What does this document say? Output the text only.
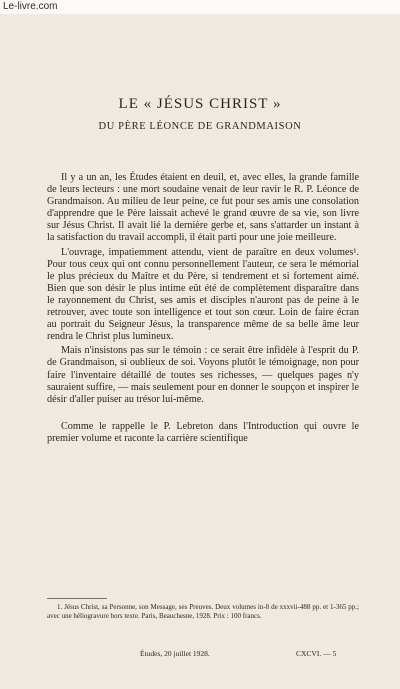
Le-livre.com
LE « JÉSUS CHRIST »
DU PÈRE LÉONCE DE GRANDMAISON

Il y a un an, les Études étaient en deuil, et, avec elles, la grande famille de leurs lecteurs : une mort soudaine venait de leur ravir le R. P. Léonce de Grandmaison. Au milieu de leur peine, ce fut pour ses amis une consolation d'apprendre que le Père laissait achevé le grand œuvre de sa vie, son livre sur Jésus Christ. Il avait lié la dernière gerbe et, sans s'attarder un instant à la satisfaction du travail accompli, il était parti pour une joie meilleure.

L'ouvrage, impatiemment attendu, vient de paraître en deux volumes¹. Pour tous ceux qui ont connu personnellement l'auteur, ce sera le mémorial le plus précieux du Maître et du Père, si tendrement et si fortement aimé. Bien que son désir le plus intime eût été de complètement disparaître dans le rayonnement du Christ, ses amis et disciples n'auront pas de peine à le retrouver, avec toute son intelligence et tout son cœur. Loin de faire écran au portrait du Seigneur Jésus, la transparence même de sa belle âme leur rendra le Christ plus lumineux.

Mais n'insistons pas sur le témoin : ce serait être infidèle à l'esprit du P. de Grandmaison, si oublieux de soi. Voyons plutôt le témoignage, non pour faire l'inventaire détaillé de toutes ses richesses, — quelques pages n'y sauraient suffire, — mais seulement pour en donner le soupçon et inspirer le désir d'aller puiser au trésor lui-même.

Comme le rappelle le P. Lebreton dans l'Introduction qui ouvre le premier volume et raconte la carrière scientifique

1. Jésus Christ, sa Personne, son Message, ses Preuves. Deux volumes in-8 de xxxvii-488 pp. et 1-365 pp.; avec une héliogravure hors texte. Paris, Beauchesne, 1928. Prix : 100 francs.

Études, 20 juillet 1928.	CXCVI. — 5
